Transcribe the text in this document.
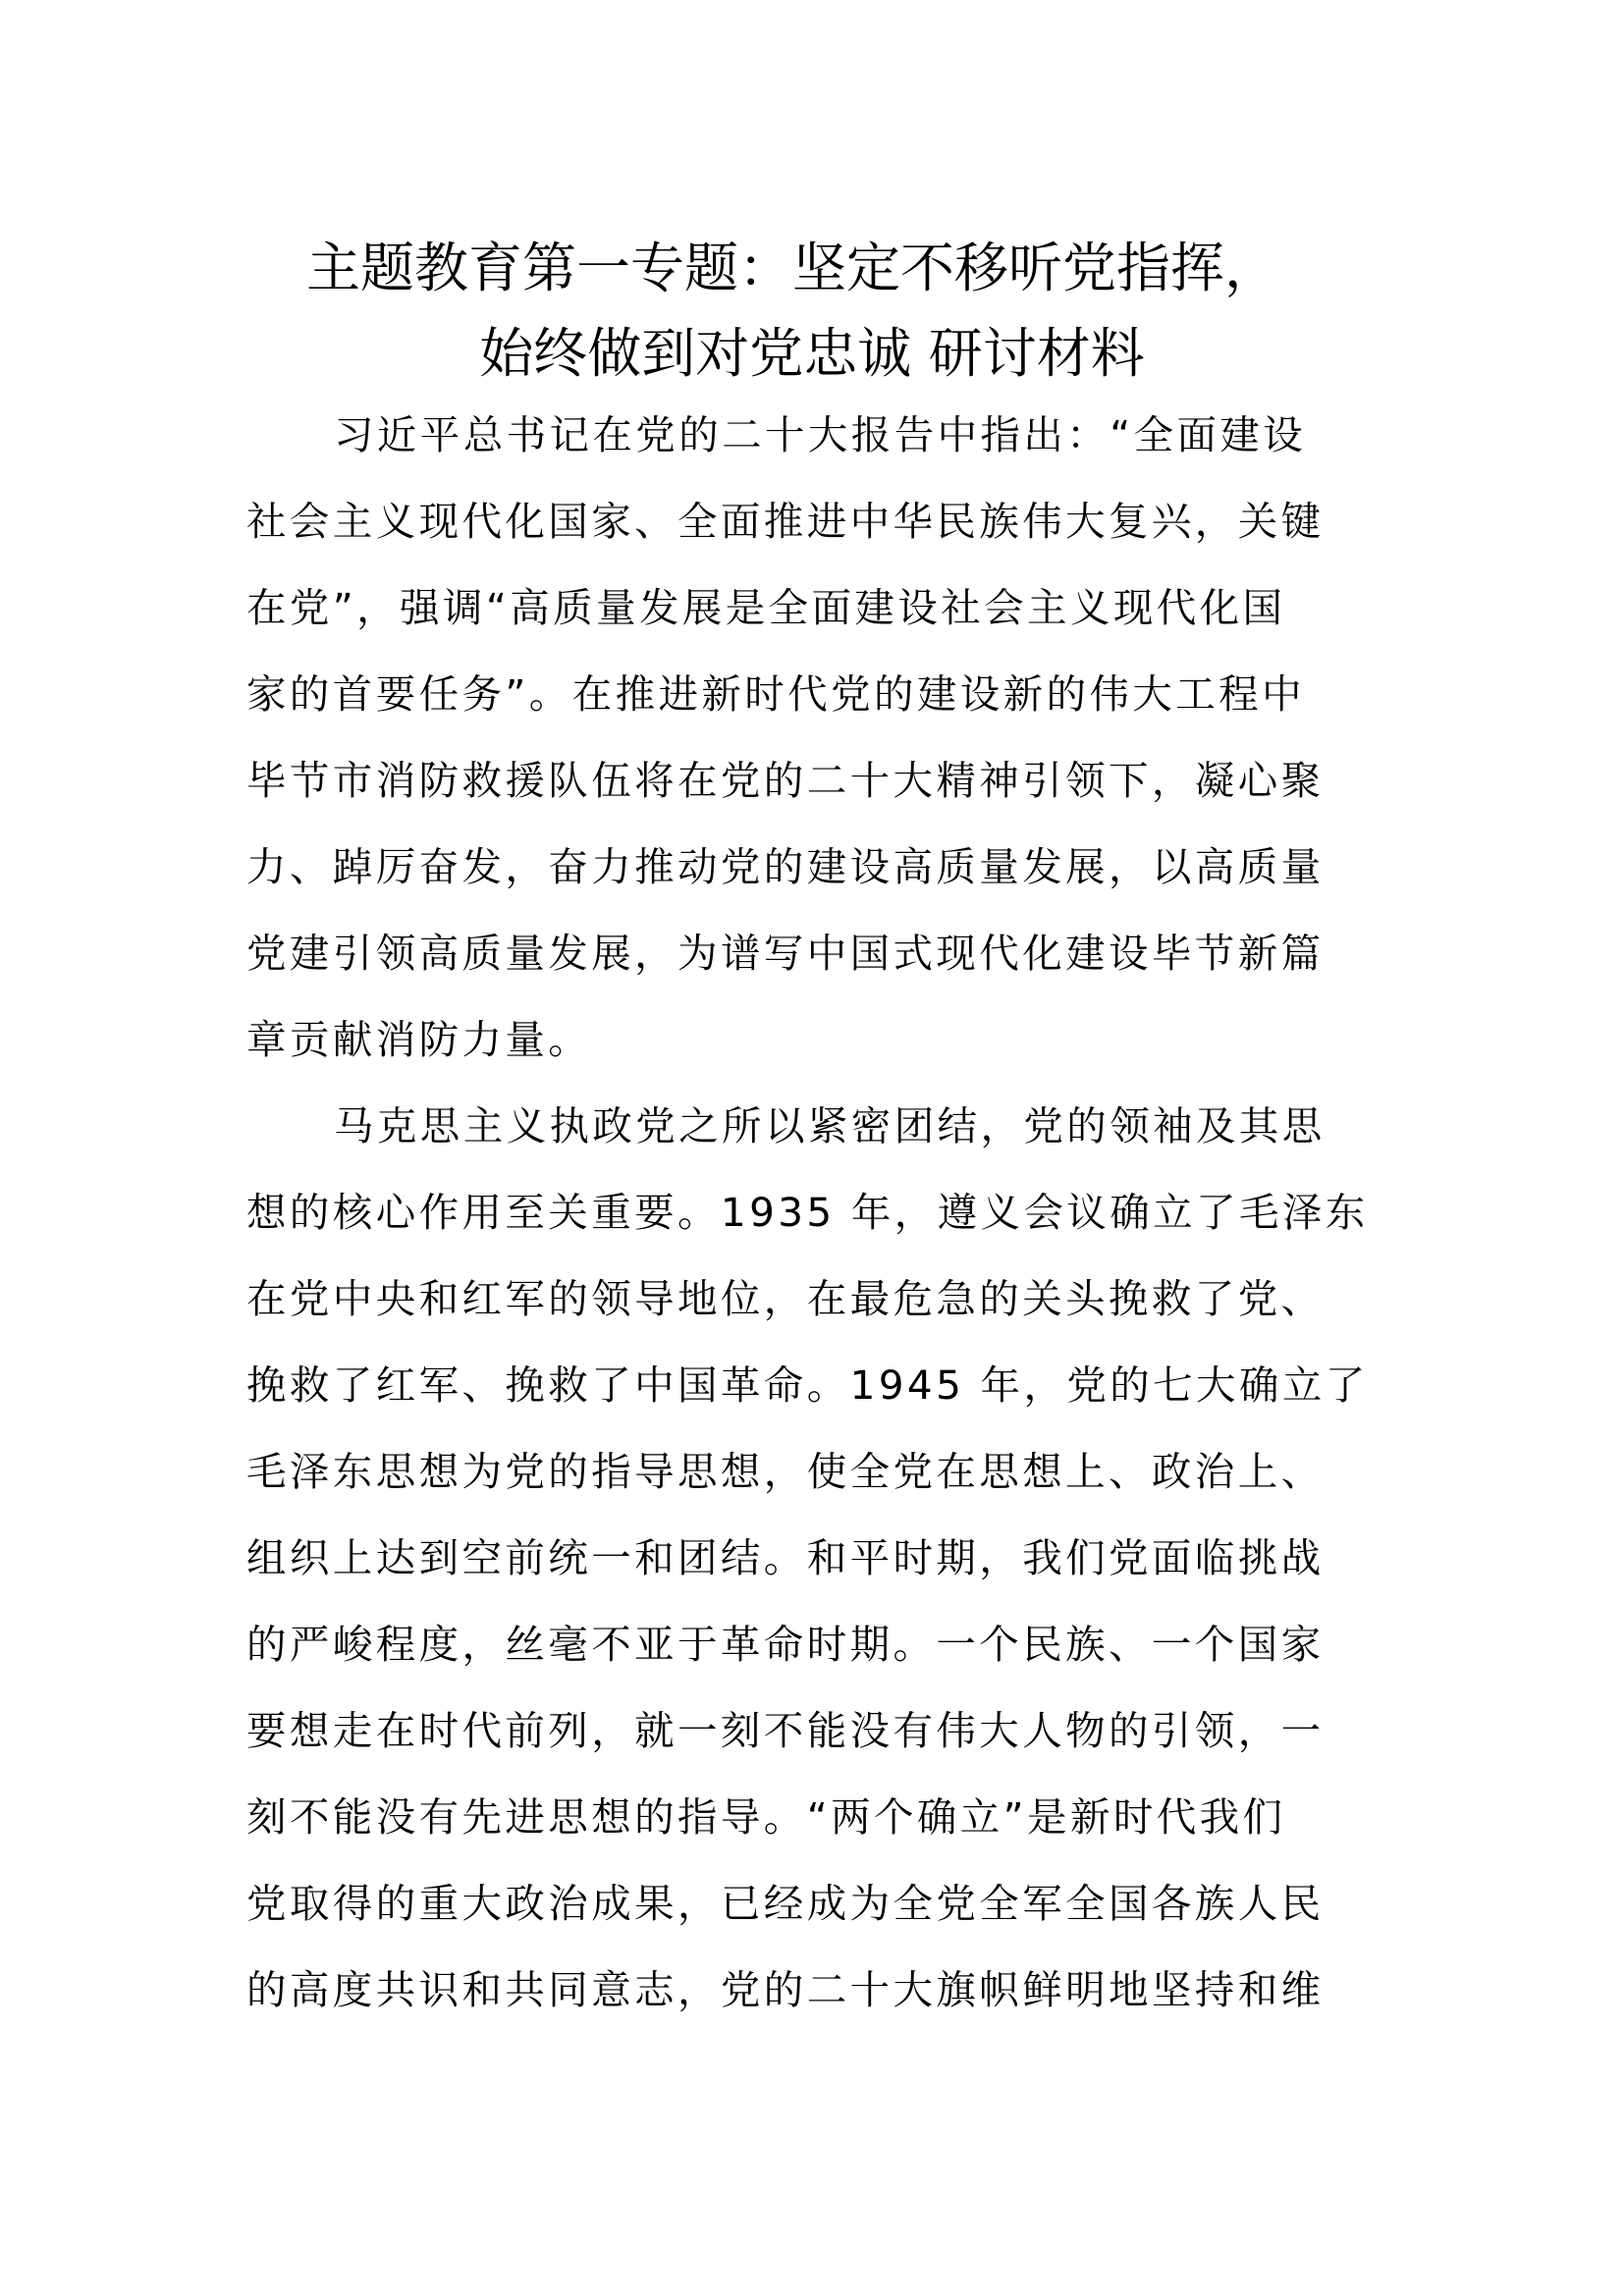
主题教育第一专题：坚定不移听党指挥，
始终做到对党忠诚 研讨材料
习近平总书记在党的二十大报告中指出：“全面建设
社会主义现代化国家、全面推进中华民族伟大复兴，关键
在党”，强调“高质量发展是全面建设社会主义现代化国
家的首要任务”。在推进新时代党的建设新的伟大工程中
毕节市消防救援队伍将在党的二十大精神引领下，凝心聚
力、踔厉奋发，奋力推动党的建设高质量发展，以高质量
党建引领高质量发展，为谱写中国式现代化建设毕节新篇
章贡献消防力量。
马克思主义执政党之所以紧密团结，党的领袖及其思
想的核心作用至关重要。1935 年，遵义会议确立了毛泽东
在党中央和红军的领导地位，在最危急的关头挽救了党、
挽救了红军、挽救了中国革命。1945 年，党的七大确立了
毛泽东思想为党的指导思想，使全党在思想上、政治上、
组织上达到空前统一和团结。和平时期，我们党面临挑战
的严峻程度，丝毫不亚于革命时期。一个民族、一个国家
要想走在时代前列，就一刻不能没有伟大人物的引领，一
刻不能没有先进思想的指导。“两个确立”是新时代我们
党取得的重大政治成果，已经成为全党全军全国各族人民
的高度共识和共同意志，党的二十大旗帜鲜明地坚持和维
